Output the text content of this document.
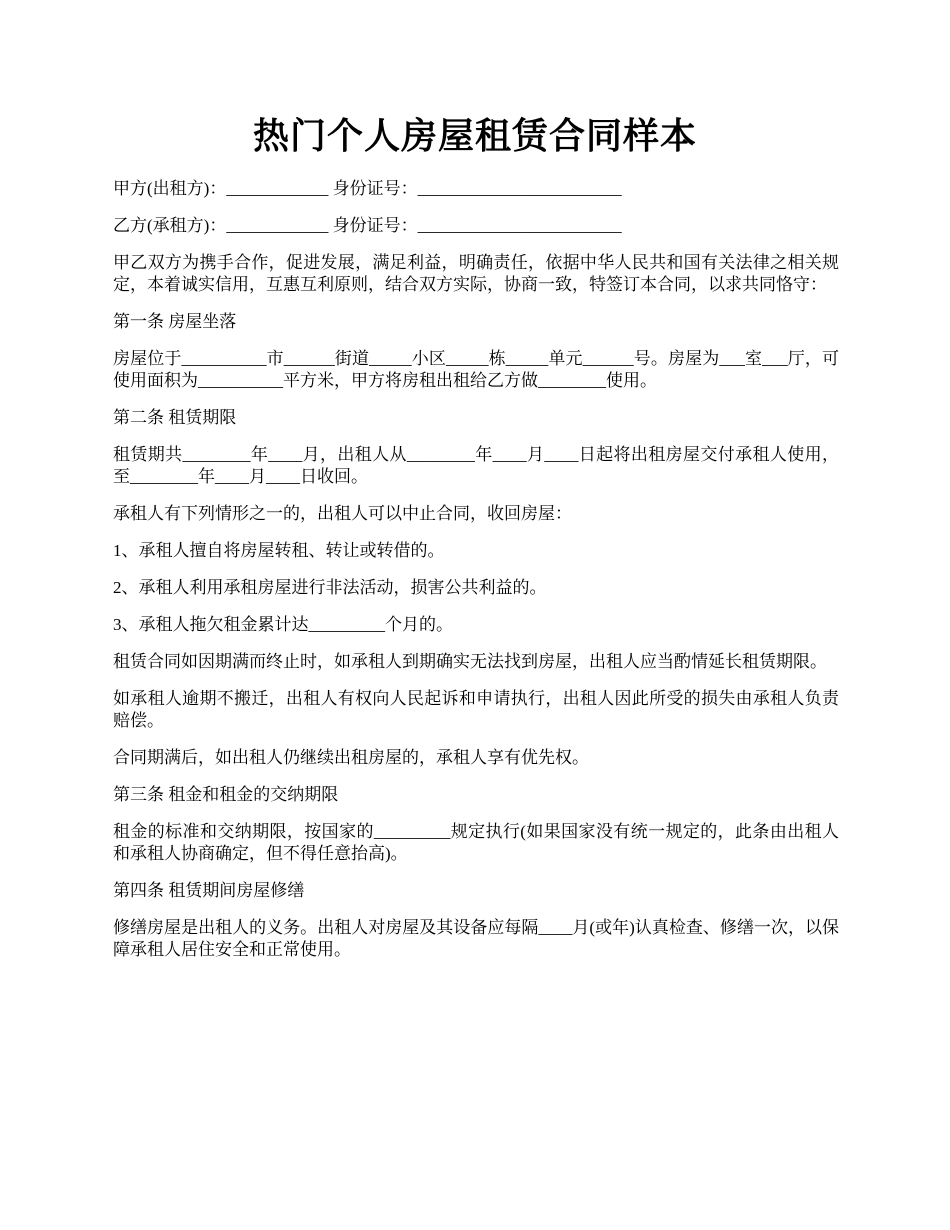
热门个人房屋租赁合同样本

甲方(出租方)：____________ 身份证号：________________________

乙方(承租方)：____________ 身份证号：________________________

甲乙双方为携手合作，促进发展，满足利益，明确责任，依据中华人民共和国有关法律之相关规定，本着诚实信用，互惠互利原则，结合双方实际，协商一致，特签订本合同，以求共同恪守：

第一条 房屋坐落

房屋位于__________市______街道_____小区_____栋_____单元______号。房屋为___室___厅，可使用面积为__________平方米，甲方将房租出租给乙方做________使用。

第二条 租赁期限

租赁期共________年____月，出租人从________年____月____日起将出租房屋交付承租人使用，至________年____月____日收回。

承租人有下列情形之一的，出租人可以中止合同，收回房屋：

1、承租人擅自将房屋转租、转让或转借的。

2、承租人利用承租房屋进行非法活动，损害公共利益的。

3、承租人拖欠租金累计达_________个月的。

租赁合同如因期满而终止时，如承租人到期确实无法找到房屋，出租人应当酌情延长租赁期限。

如承租人逾期不搬迁，出租人有权向人民起诉和申请执行，出租人因此所受的损失由承租人负责赔偿。

合同期满后，如出租人仍继续出租房屋的，承租人享有优先权。

第三条 租金和租金的交纳期限

租金的标准和交纳期限，按国家的_________规定执行(如果国家没有统一规定的，此条由出租人和承租人协商确定，但不得任意抬高)。

第四条 租赁期间房屋修缮

修缮房屋是出租人的义务。出租人对房屋及其设备应每隔____月(或年)认真检查、修缮一次，以保障承租人居住安全和正常使用。
